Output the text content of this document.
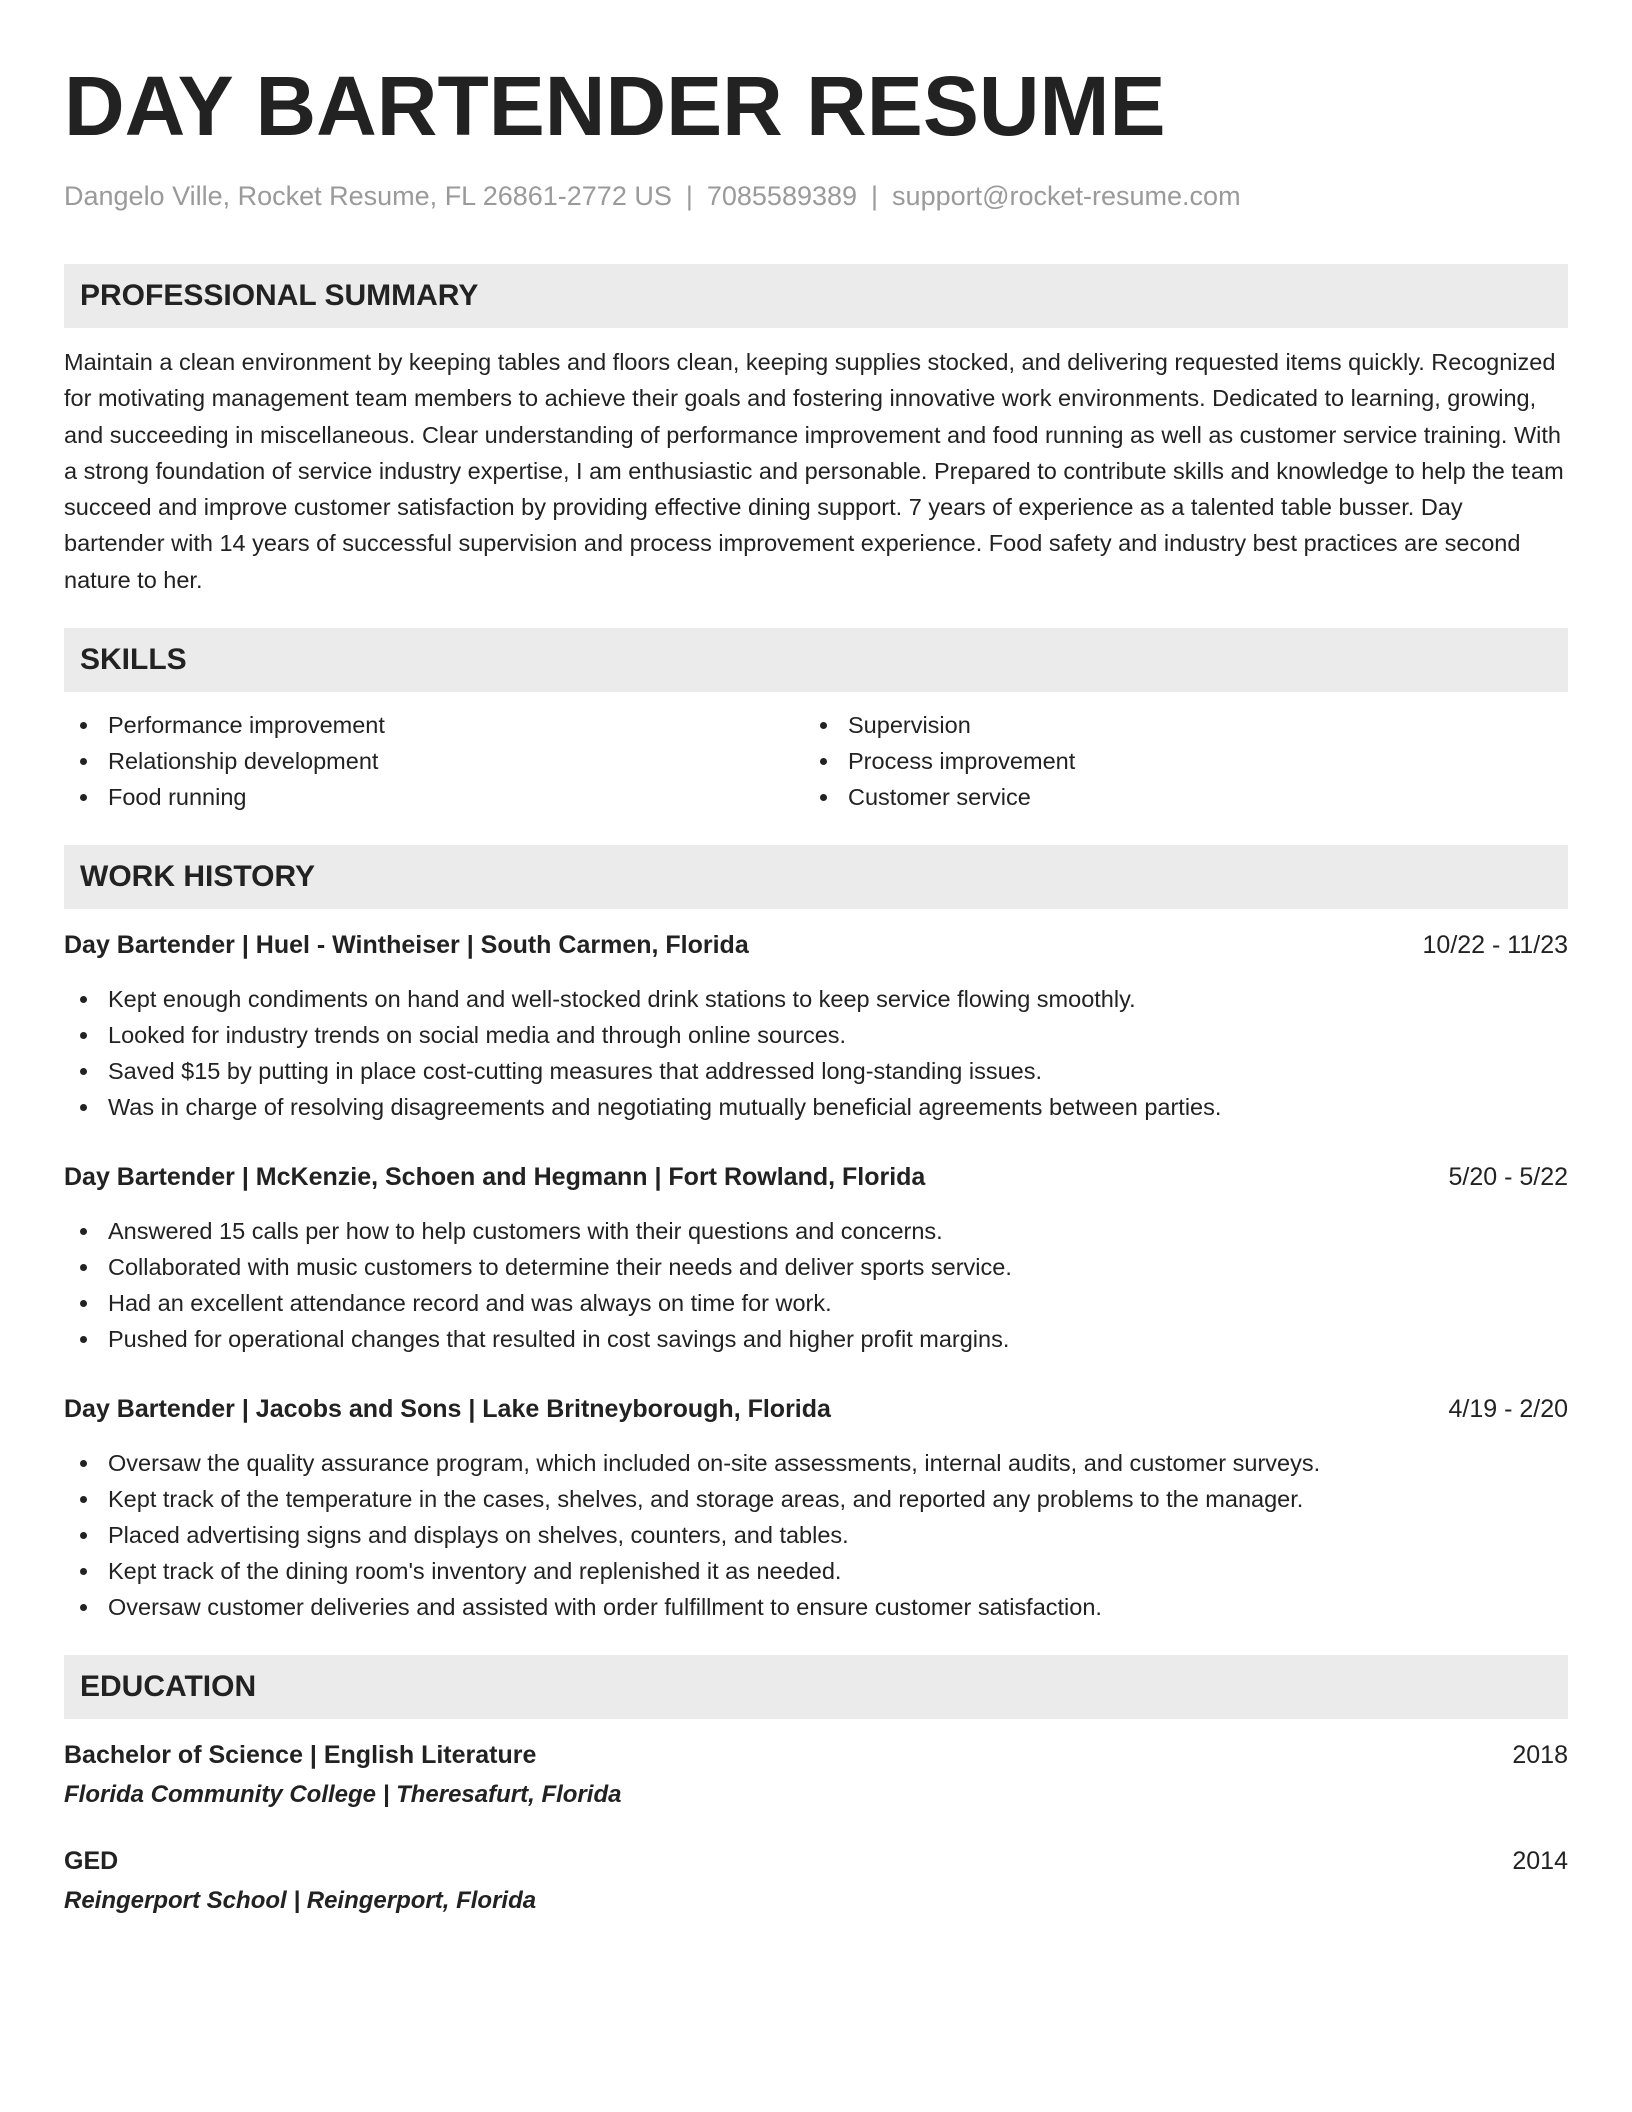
DAY BARTENDER RESUME
Dangelo Ville, Rocket Resume, FL 26861-2772 US | 7085589389 | support@rocket-resume.com
PROFESSIONAL SUMMARY
Maintain a clean environment by keeping tables and floors clean, keeping supplies stocked, and delivering requested items quickly. Recognized for motivating management team members to achieve their goals and fostering innovative work environments. Dedicated to learning, growing, and succeeding in miscellaneous. Clear understanding of performance improvement and food running as well as customer service training. With a strong foundation of service industry expertise, I am enthusiastic and personable. Prepared to contribute skills and knowledge to help the team succeed and improve customer satisfaction by providing effective dining support. 7 years of experience as a talented table busser. Day bartender with 14 years of successful supervision and process improvement experience. Food safety and industry best practices are second nature to her.
SKILLS
Performance improvement
Relationship development
Food running
Supervision
Process improvement
Customer service
WORK HISTORY
Day Bartender | Huel - Wintheiser | South Carmen, Florida	10/22 - 11/23
Kept enough condiments on hand and well-stocked drink stations to keep service flowing smoothly.
Looked for industry trends on social media and through online sources.
Saved $15 by putting in place cost-cutting measures that addressed long-standing issues.
Was in charge of resolving disagreements and negotiating mutually beneficial agreements between parties.
Day Bartender | McKenzie, Schoen and Hegmann | Fort Rowland, Florida	5/20 - 5/22
Answered 15 calls per how to help customers with their questions and concerns.
Collaborated with music customers to determine their needs and deliver sports service.
Had an excellent attendance record and was always on time for work.
Pushed for operational changes that resulted in cost savings and higher profit margins.
Day Bartender | Jacobs and Sons | Lake Britneyborough, Florida	4/19 - 2/20
Oversaw the quality assurance program, which included on-site assessments, internal audits, and customer surveys.
Kept track of the temperature in the cases, shelves, and storage areas, and reported any problems to the manager.
Placed advertising signs and displays on shelves, counters, and tables.
Kept track of the dining room's inventory and replenished it as needed.
Oversaw customer deliveries and assisted with order fulfillment to ensure customer satisfaction.
EDUCATION
Bachelor of Science | English Literature	2018
Florida Community College | Theresafurt, Florida
GED	2014
Reingerport School | Reingerport, Florida
